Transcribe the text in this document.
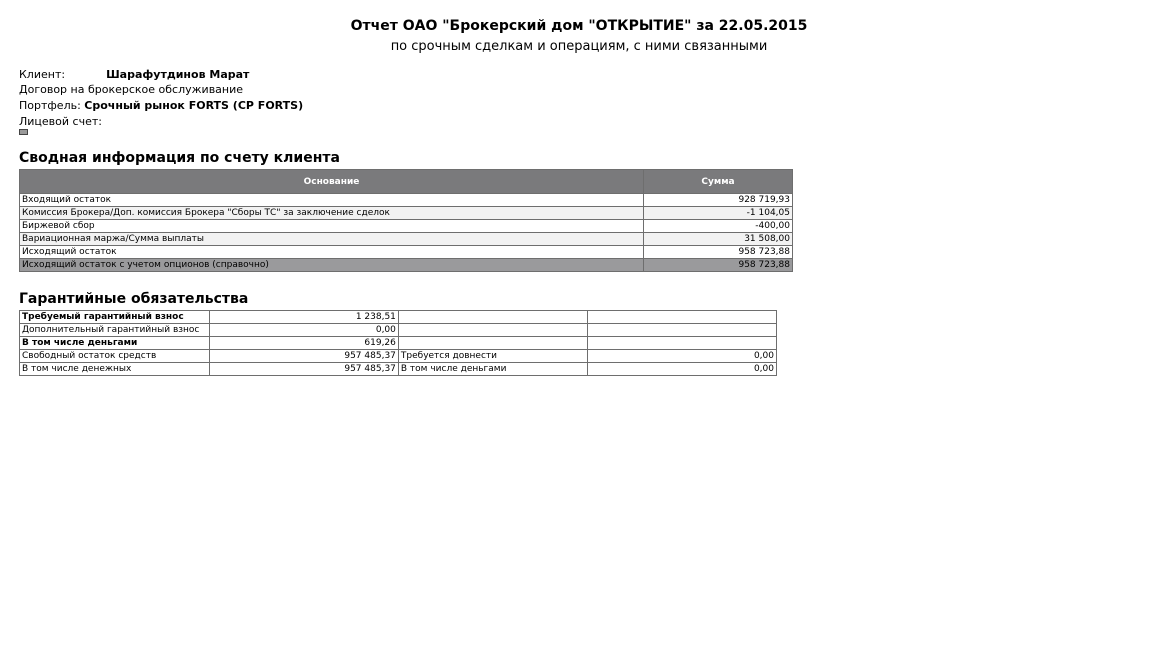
Отчет ОАО "Брокерский дом "ОТКРЫТИЕ" за 22.05.2015
по срочным сделкам и операциям, с ними связанными
Клиент:	Шарафутдинов Марат
Договор на брокерское обслуживание
Портфель: Срочный рынок FORTS (СР FORTS)
Лицевой счет:
Сводная информация по счету клиента
Основание	Сумма
Входящий остаток	928 719,93
Комиссия Брокера/Доп. комиссия Брокера "Сборы ТС" за заключение сделок	-1 104,05
Биржевой сбор	-400,00
Вариационная маржа/Сумма выплаты	31 508,00
Исходящий остаток	958 723,88
Исходящий остаток с учетом опционов (справочно)	958 723,88
Гарантийные обязательства
Требуемый гарантийный взнос	1 238,51		
Дополнительный гарантийный взнос	0,00		
В том числе деньгами	619,26		
Свободный остаток средств	957 485,37	Требуется довнести	0,00
В том числе денежных	957 485,37	В том числе деньгами	0,00
